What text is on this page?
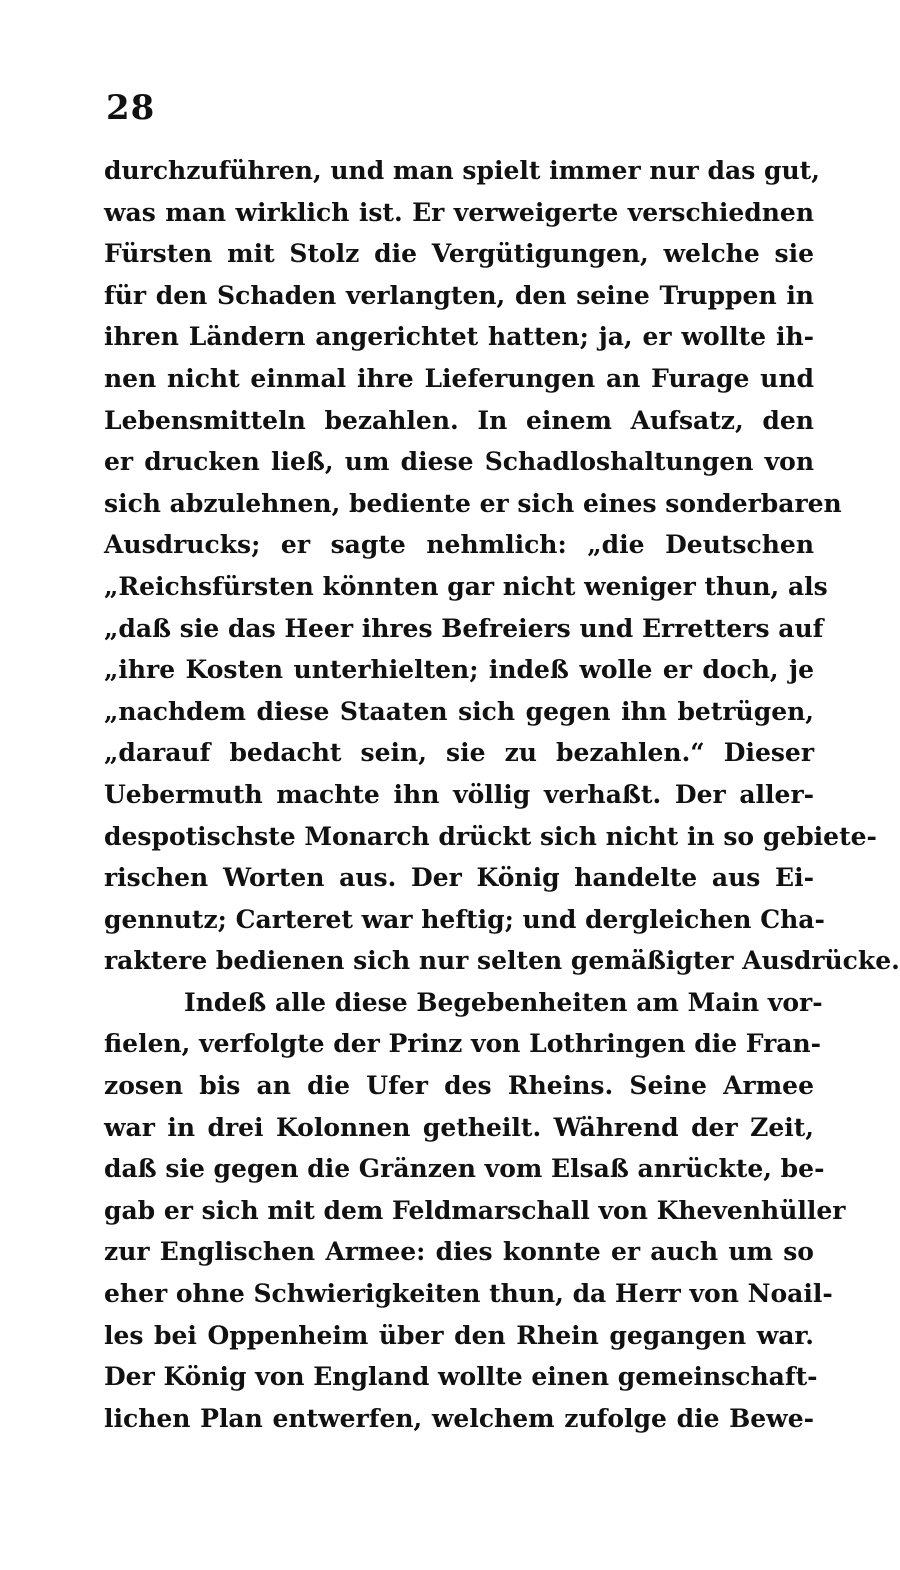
28
durchzuführen, und man spielt immer nur das gut,
was man wirklich ist. Er verweigerte verschiednen
Fürsten mit Stolz die Vergütigungen, welche sie
für den Schaden verlangten, den seine Truppen in
ihren Ländern angerichtet hatten; ja, er wollte ih-
nen nicht einmal ihre Lieferungen an Furage und
Lebensmitteln bezahlen. In einem Aufsatz, den
er drucken ließ, um diese Schadloshaltungen von
sich abzulehnen, bediente er sich eines sonderbaren
Ausdrucks; er sagte nehmlich: „die Deutschen
„Reichsfürsten könnten gar nicht weniger thun, als
„daß sie das Heer ihres Befreiers und Erretters auf
„ihre Kosten unterhielten; indeß wolle er doch, je
„nachdem diese Staaten sich gegen ihn betrügen,
„darauf bedacht sein, sie zu bezahlen.“ Dieser
Uebermuth machte ihn völlig verhaßt. Der aller-
despotischste Monarch drückt sich nicht in so gebiete-
rischen Worten aus. Der König handelte aus Ei-
gennutz; Carteret war heftig; und dergleichen Cha-
raktere bedienen sich nur selten gemäßigter Ausdrücke.
Indeß alle diese Begebenheiten am Main vor-
fielen, verfolgte der Prinz von Lothringen die Fran-
zosen bis an die Ufer des Rheins. Seine Armee
war in drei Kolonnen getheilt. Während der Zeit,
daß sie gegen die Gränzen vom Elsaß anrückte, be-
gab er sich mit dem Feldmarschall von Khevenhüller
zur Englischen Armee: dies konnte er auch um so
eher ohne Schwierigkeiten thun, da Herr von Noail-
les bei Oppenheim über den Rhein gegangen war.
Der König von England wollte einen gemeinschaft-
lichen Plan entwerfen, welchem zufolge die Bewe-
